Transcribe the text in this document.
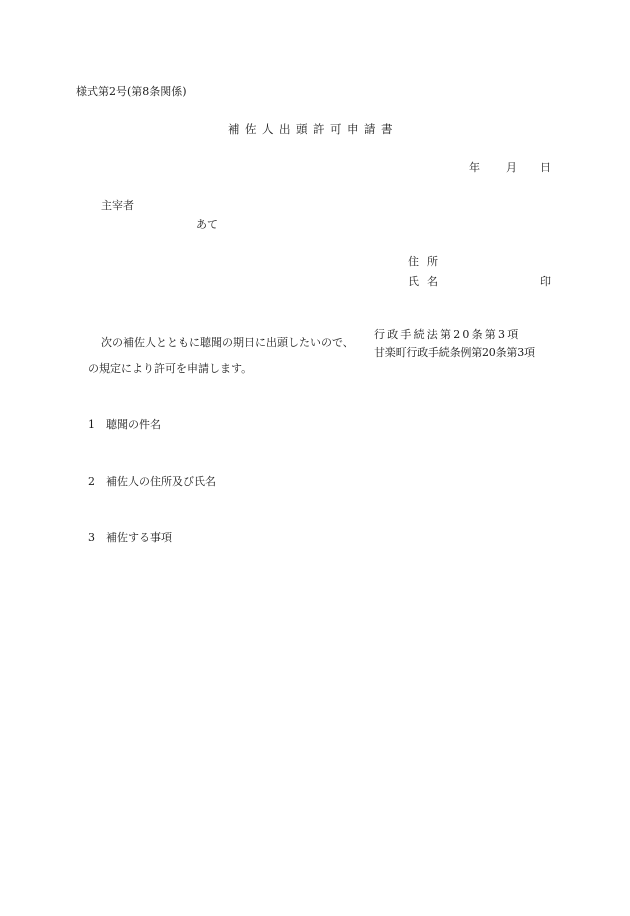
様式第2号(第8条関係)
補佐人出頭許可申請書
年 月 日
主宰者
あて
住所
氏名	印
次の補佐人とともに聴聞の期日に出頭したいので、
行政手続法第20条第3項
甘楽町行政手続条例第20条第3項
の規定により許可を申請します。
1 聴聞の件名
2 補佐人の住所及び氏名
3 補佐する事項
